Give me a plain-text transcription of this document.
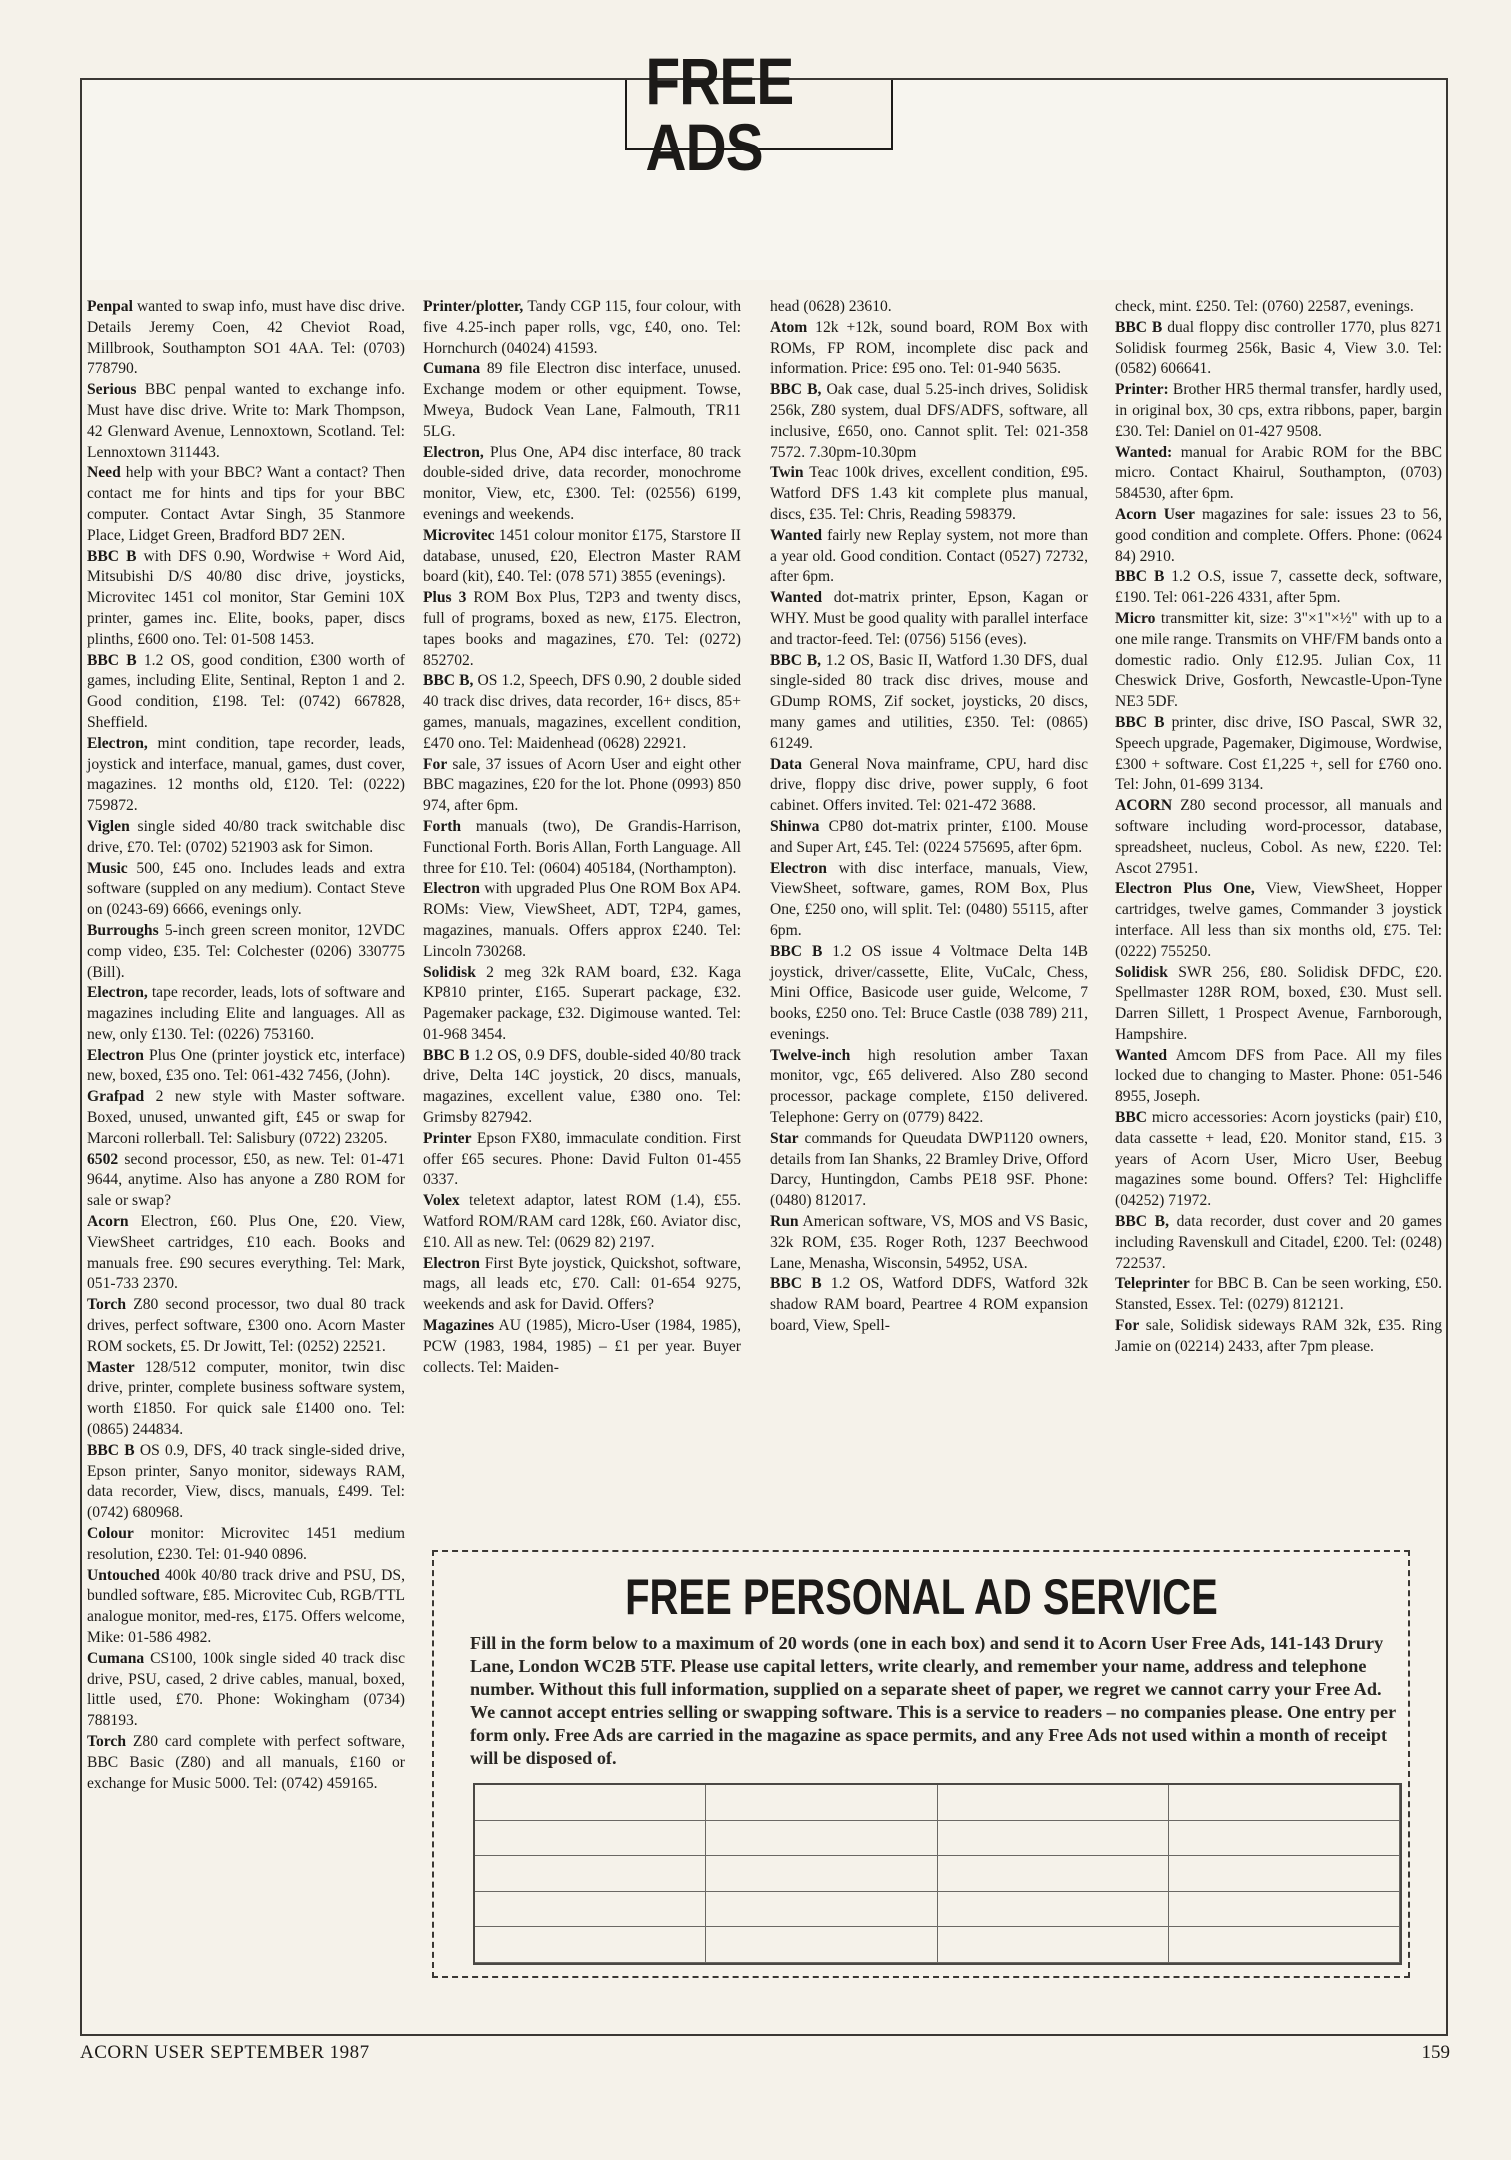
FREE ADS

Penpal wanted to swap info, must have disc drive. Details Jeremy Coen, 42 Cheviot Road, Millbrook, Southampton SO1 4AA. Tel: (0703) 778790.

Serious BBC penpal wanted to exchange info. Must have disc drive. Write to: Mark Thompson, 42 Glenward Avenue, Lennoxtown, Scotland. Tel: Lennoxtown 311443.

Need help with your BBC? Want a contact? Then contact me for hints and tips for your BBC computer. Contact Avtar Singh, 35 Stanmore Place, Lidget Green, Bradford BD7 2EN.

BBC B with DFS 0.90, Wordwise + Word Aid, Mitsubishi D/S 40/80 disc drive, joysticks, Microvitec 1451 col monitor, Star Gemini 10X printer, games inc. Elite, books, paper, discs plinths, £600 ono. Tel: 01-508 1453.

BBC B 1.2 OS, good condition, £300 worth of games, including Elite, Sentinal, Repton 1 and 2. Good condition, £198. Tel: (0742) 667828, Sheffield.

Electron, mint condition, tape recorder, leads, joystick and interface, manual, games, dust cover, magazines. 12 months old, £120. Tel: (0222) 759872.

Viglen single sided 40/80 track switchable disc drive, £70. Tel: (0702) 521903 ask for Simon.

Music 500, £45 ono. Includes leads and extra software (suppled on any medium). Contact Steve on (0243-69) 6666, evenings only.

Burroughs 5-inch green screen monitor, 12VDC comp video, £35. Tel: Colchester (0206) 330775 (Bill).

Electron, tape recorder, leads, lots of software and magazines including Elite and languages. All as new, only £130. Tel: (0226) 753160.

Electron Plus One (printer joystick etc, interface) new, boxed, £35 ono. Tel: 061-432 7456, (John).

Grafpad 2 new style with Master software. Boxed, unused, unwanted gift, £45 or swap for Marconi rollerball. Tel: Salisbury (0722) 23205.

6502 second processor, £50, as new. Tel: 01-471 9644, anytime. Also has anyone a Z80 ROM for sale or swap?

Acorn Electron, £60. Plus One, £20. View, ViewSheet cartridges, £10 each. Books and manuals free. £90 secures everything. Tel: Mark, 051-733 2370.

Torch Z80 second processor, two dual 80 track drives, perfect software, £300 ono. Acorn Master ROM sockets, £5. Dr Jowitt, Tel: (0252) 22521.

Master 128/512 computer, monitor, twin disc drive, printer, complete business software system, worth £1850. For quick sale £1400 ono. Tel: (0865) 244834.

BBC B OS 0.9, DFS, 40 track single-sided drive, Epson printer, Sanyo monitor, sideways RAM, data recorder, View, discs, manuals, £499. Tel: (0742) 680968.

Colour monitor: Microvitec 1451 medium resolution, £230. Tel: 01-940 0896.

Untouched 400k 40/80 track drive and PSU, DS, bundled software, £85. Microvitec Cub, RGB/TTL analogue monitor, med-res, £175. Offers welcome, Mike: 01-586 4982.

Cumana CS100, 100k single sided 40 track disc drive, PSU, cased, 2 drive cables, manual, boxed, little used, £70. Phone: Wokingham (0734) 788193.

Torch Z80 card complete with perfect software, BBC Basic (Z80) and all manuals, £160 or exchange for Music 5000. Tel: (0742) 459165.

Printer/plotter, Tandy CGP 115, four colour, with five 4.25-inch paper rolls, vgc, £40, ono. Tel: Hornchurch (04024) 41593.

Cumana 89 file Electron disc interface, unused. Exchange modem or other equipment. Towse, Mweya, Budock Vean Lane, Falmouth, TR11 5LG.

Electron, Plus One, AP4 disc interface, 80 track double-sided drive, data recorder, monochrome monitor, View, etc, £300. Tel: (02556) 6199, evenings and weekends.

Microvitec 1451 colour monitor £175, Starstore II database, unused, £20, Electron Master RAM board (kit), £40. Tel: (078 571) 3855 (evenings).

Plus 3 ROM Box Plus, T2P3 and twenty discs, full of programs, boxed as new, £175. Electron, tapes books and magazines, £70. Tel: (0272) 852702.

BBC B, OS 1.2, Speech, DFS 0.90, 2 double sided 40 track disc drives, data recorder, 16+ discs, 85+ games, manuals, magazines, excellent condition, £470 ono. Tel: Maidenhead (0628) 22921.

For sale, 37 issues of Acorn User and eight other BBC magazines, £20 for the lot. Phone (0993) 850 974, after 6pm.

Forth manuals (two), De Grandis-Harrison, Functional Forth. Boris Allan, Forth Language. All three for £10. Tel: (0604) 405184, (Northampton).

Electron with upgraded Plus One ROM Box AP4. ROMs: View, ViewSheet, ADT, T2P4, games, magazines, manuals. Offers approx £240. Tel: Lincoln 730268.

Solidisk 2 meg 32k RAM board, £32. Kaga KP810 printer, £165. Superart package, £32. Pagemaker package, £32. Digimouse wanted. Tel: 01-968 3454.

BBC B 1.2 OS, 0.9 DFS, double-sided 40/80 track drive, Delta 14C joystick, 20 discs, manuals, magazines, excellent value, £380 ono. Tel: Grimsby 827942.

Printer Epson FX80, immaculate condition. First offer £65 secures. Phone: David Fulton 01-455 0337.

Volex teletext adaptor, latest ROM (1.4), £55. Watford ROM/RAM card 128k, £60. Aviator disc, £10. All as new. Tel: (0629 82) 2197.

Electron First Byte joystick, Quickshot, software, mags, all leads etc, £70. Call: 01-654 9275, weekends and ask for David. Offers?

Magazines AU (1985), Micro-User (1984, 1985), PCW (1983, 1984, 1985) – £1 per year. Buyer collects. Tel: Maiden-

head (0628) 23610.

Atom 12k +12k, sound board, ROM Box with ROMs, FP ROM, incomplete disc pack and information. Price: £95 ono. Tel: 01-940 5635.

BBC B, Oak case, dual 5.25-inch drives, Solidisk 256k, Z80 system, dual DFS/ADFS, software, all inclusive, £650, ono. Cannot split. Tel: 021-358 7572. 7.30pm-10.30pm

Twin Teac 100k drives, excellent condition, £95. Watford DFS 1.43 kit complete plus manual, discs, £35. Tel: Chris, Reading 598379.

Wanted fairly new Replay system, not more than a year old. Good condition. Contact (0527) 72732, after 6pm.

Wanted dot-matrix printer, Epson, Kagan or WHY. Must be good quality with parallel interface and tractor-feed. Tel: (0756) 5156 (eves).

BBC B, 1.2 OS, Basic II, Watford 1.30 DFS, dual single-sided 80 track disc drives, mouse and GDump ROMS, Zif socket, joysticks, 20 discs, many games and utilities, £350. Tel: (0865) 61249.

Data General Nova mainframe, CPU, hard disc drive, floppy disc drive, power supply, 6 foot cabinet. Offers invited. Tel: 021-472 3688.

Shinwa CP80 dot-matrix printer, £100. Mouse and Super Art, £45. Tel: (0224 575695, after 6pm.

Electron with disc interface, manuals, View, ViewSheet, software, games, ROM Box, Plus One, £250 ono, will split. Tel: (0480) 55115, after 6pm.

BBC B 1.2 OS issue 4 Voltmace Delta 14B joystick, driver/cassette, Elite, VuCalc, Chess, Mini Office, Basicode user guide, Welcome, 7 books, £250 ono. Tel: Bruce Castle (038 789) 211, evenings.

Twelve-inch high resolution amber Taxan monitor, vgc, £65 delivered. Also Z80 second processor, package complete, £150 delivered. Telephone: Gerry on (0779) 8422.

Star commands for Queudata DWP1120 owners, details from Ian Shanks, 22 Bramley Drive, Offord Darcy, Huntingdon, Cambs PE18 9SF. Phone: (0480) 812017.

Run American software, VS, MOS and VS Basic, 32k ROM, £35. Roger Roth, 1237 Beechwood Lane, Menasha, Wisconsin, 54952, USA.

BBC B 1.2 OS, Watford DDFS, Watford 32k shadow RAM board, Peartree 4 ROM expansion board, View, Spell-

check, mint. £250. Tel: (0760) 22587, evenings.

BBC B dual floppy disc controller 1770, plus 8271 Solidisk fourmeg 256k, Basic 4, View 3.0. Tel: (0582) 606641.

Printer: Brother HR5 thermal transfer, hardly used, in original box, 30 cps, extra ribbons, paper, bargin £30. Tel: Daniel on 01-427 9508.

Wanted: manual for Arabic ROM for the BBC micro. Contact Khairul, Southampton, (0703) 584530, after 6pm.

Acorn User magazines for sale: issues 23 to 56, good condition and complete. Offers. Phone: (0624 84) 2910.

BBC B 1.2 O.S, issue 7, cassette deck, software, £190. Tel: 061-226 4331, after 5pm.

Micro transmitter kit, size: 3"×1"×½" with up to a one mile range. Transmits on VHF/FM bands onto a domestic radio. Only £12.95. Julian Cox, 11 Cheswick Drive, Gosforth, Newcastle-Upon-Tyne NE3 5DF.

BBC B printer, disc drive, ISO Pascal, SWR 32, Speech upgrade, Pagemaker, Digimouse, Wordwise, £300 + software. Cost £1,225 +, sell for £760 ono. Tel: John, 01-699 3134.

ACORN Z80 second processor, all manuals and software including word-processor, database, spreadsheet, nucleus, Cobol. As new, £220. Tel: Ascot 27951.

Electron Plus One, View, ViewSheet, Hopper cartridges, twelve games, Commander 3 joystick interface. All less than six months old, £75. Tel: (0222) 755250.

Solidisk SWR 256, £80. Solidisk DFDC, £20. Spellmaster 128R ROM, boxed, £30. Must sell. Darren Sillett, 1 Prospect Avenue, Farnborough, Hampshire.

Wanted Amcom DFS from Pace. All my files locked due to changing to Master. Phone: 051-546 8955, Joseph.

BBC micro accessories: Acorn joysticks (pair) £10, data cassette + lead, £20. Monitor stand, £15. 3 years of Acorn User, Micro User, Beebug magazines some bound. Offers? Tel: Highcliffe (04252) 71972.

BBC B, data recorder, dust cover and 20 games including Ravenskull and Citadel, £200. Tel: (0248) 722537.

Teleprinter for BBC B. Can be seen working, £50. Stansted, Essex. Tel: (0279) 812121.

For sale, Solidisk sideways RAM 32k, £35. Ring Jamie on (02214) 2433, after 7pm please.

FREE PERSONAL AD SERVICE
Fill in the form below to a maximum of 20 words (one in each box) and send it to Acorn User Free Ads, 141-143 Drury Lane, London WC2B 5TF. Please use capital letters, write clearly, and remember your name, address and telephone number. Without this full information, supplied on a separate sheet of paper, we regret we cannot carry your Free Ad. We cannot accept entries selling or swapping software. This is a service to readers – no companies please. One entry per form only. Free Ads are carried in the magazine as space permits, and any Free Ads not used within a month of receipt will be disposed of.
ACORN USER SEPTEMBER 1987	159
